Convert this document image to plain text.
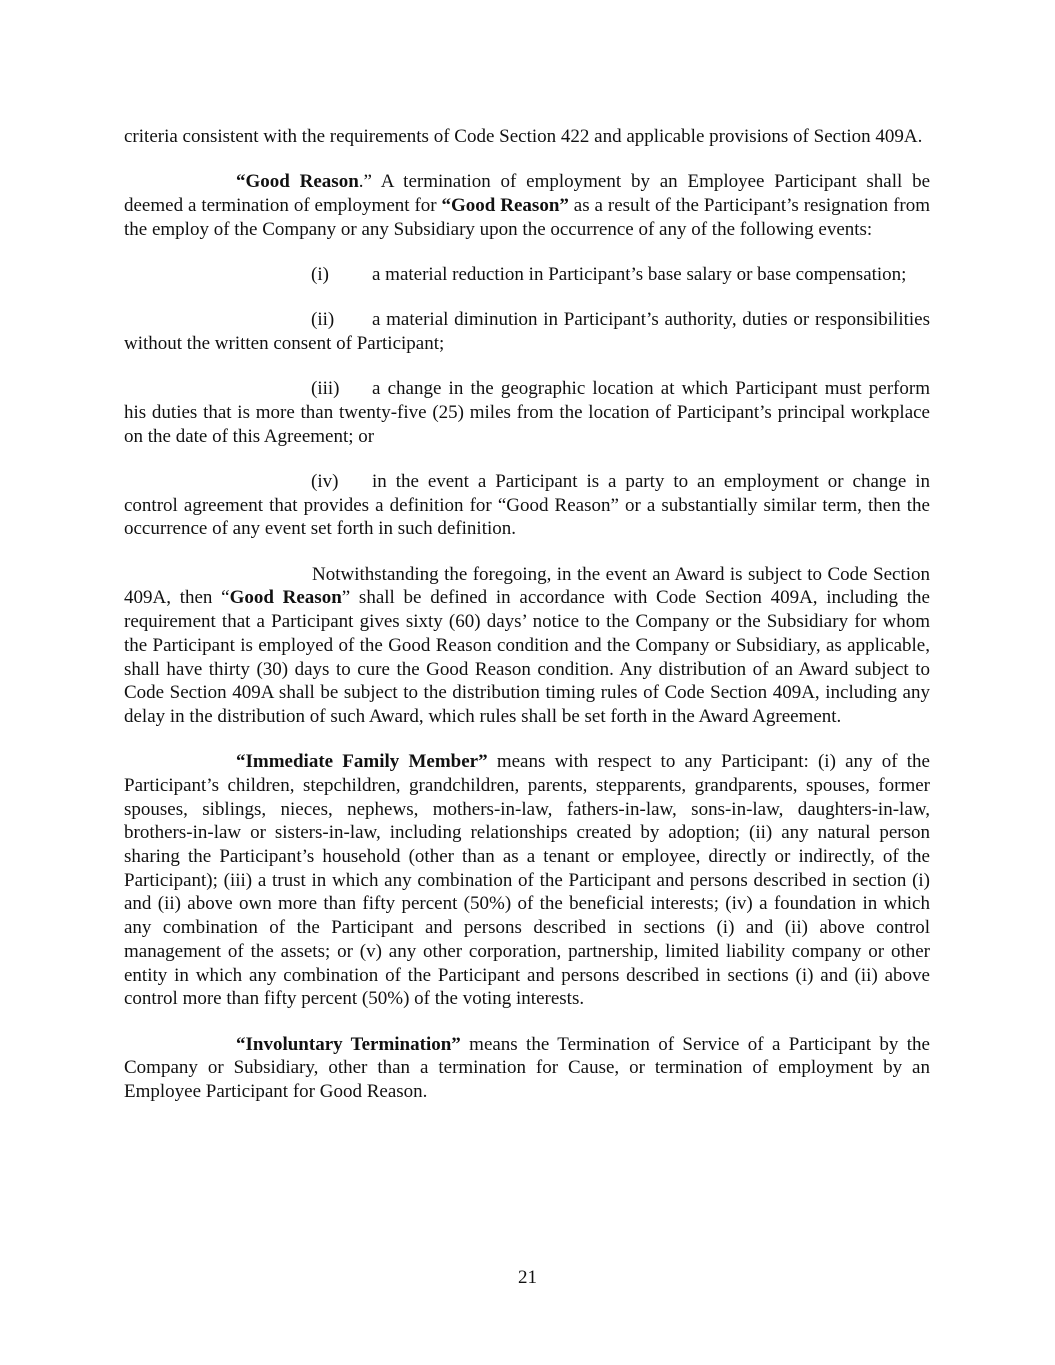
criteria consistent with the requirements of Code Section 422 and applicable provisions of Section 409A.

“Good Reason.” A termination of employment by an Employee Participant shall be deemed a termination of employment for “Good Reason” as a result of the Participant’s resignation from the employ of the Company or any Subsidiary upon the occurrence of any of the following events:

(i) a material reduction in Participant’s base salary or base compensation;

(ii) a material diminution in Participant’s authority, duties or responsibilities without the written consent of Participant;

(iii) a change in the geographic location at which Participant must perform his duties that is more than twenty-five (25) miles from the location of Participant’s principal workplace on the date of this Agreement; or

(iv) in the event a Participant is a party to an employment or change in control agreement that provides a definition for “Good Reason” or a substantially similar term, then the occurrence of any event set forth in such definition.

Notwithstanding the foregoing, in the event an Award is subject to Code Section 409A, then “Good Reason” shall be defined in accordance with Code Section 409A, including the requirement that a Participant gives sixty (60) days’ notice to the Company or the Subsidiary for whom the Participant is employed of the Good Reason condition and the Company or Subsidiary, as applicable, shall have thirty (30) days to cure the Good Reason condition. Any distribution of an Award subject to Code Section 409A shall be subject to the distribution timing rules of Code Section 409A, including any delay in the distribution of such Award, which rules shall be set forth in the Award Agreement.

“Immediate Family Member” means with respect to any Participant: (i) any of the Participant’s children, stepchildren, grandchildren, parents, stepparents, grandparents, spouses, former spouses, siblings, nieces, nephews, mothers-in-law, fathers-in-law, sons-in-law, daughters-in-law, brothers-in-law or sisters-in-law, including relationships created by adoption; (ii) any natural person sharing the Participant’s household (other than as a tenant or employee, directly or indirectly, of the Participant); (iii) a trust in which any combination of the Participant and persons described in section (i) and (ii) above own more than fifty percent (50%) of the beneficial interests; (iv) a foundation in which any combination of the Participant and persons described in sections (i) and (ii) above control management of the assets; or (v) any other corporation, partnership, limited liability company or other entity in which any combination of the Participant and persons described in sections (i) and (ii) above control more than fifty percent (50%) of the voting interests.

“Involuntary Termination” means the Termination of Service of a Participant by the Company or Subsidiary, other than a termination for Cause, or termination of employment by an Employee Participant for Good Reason.

21
